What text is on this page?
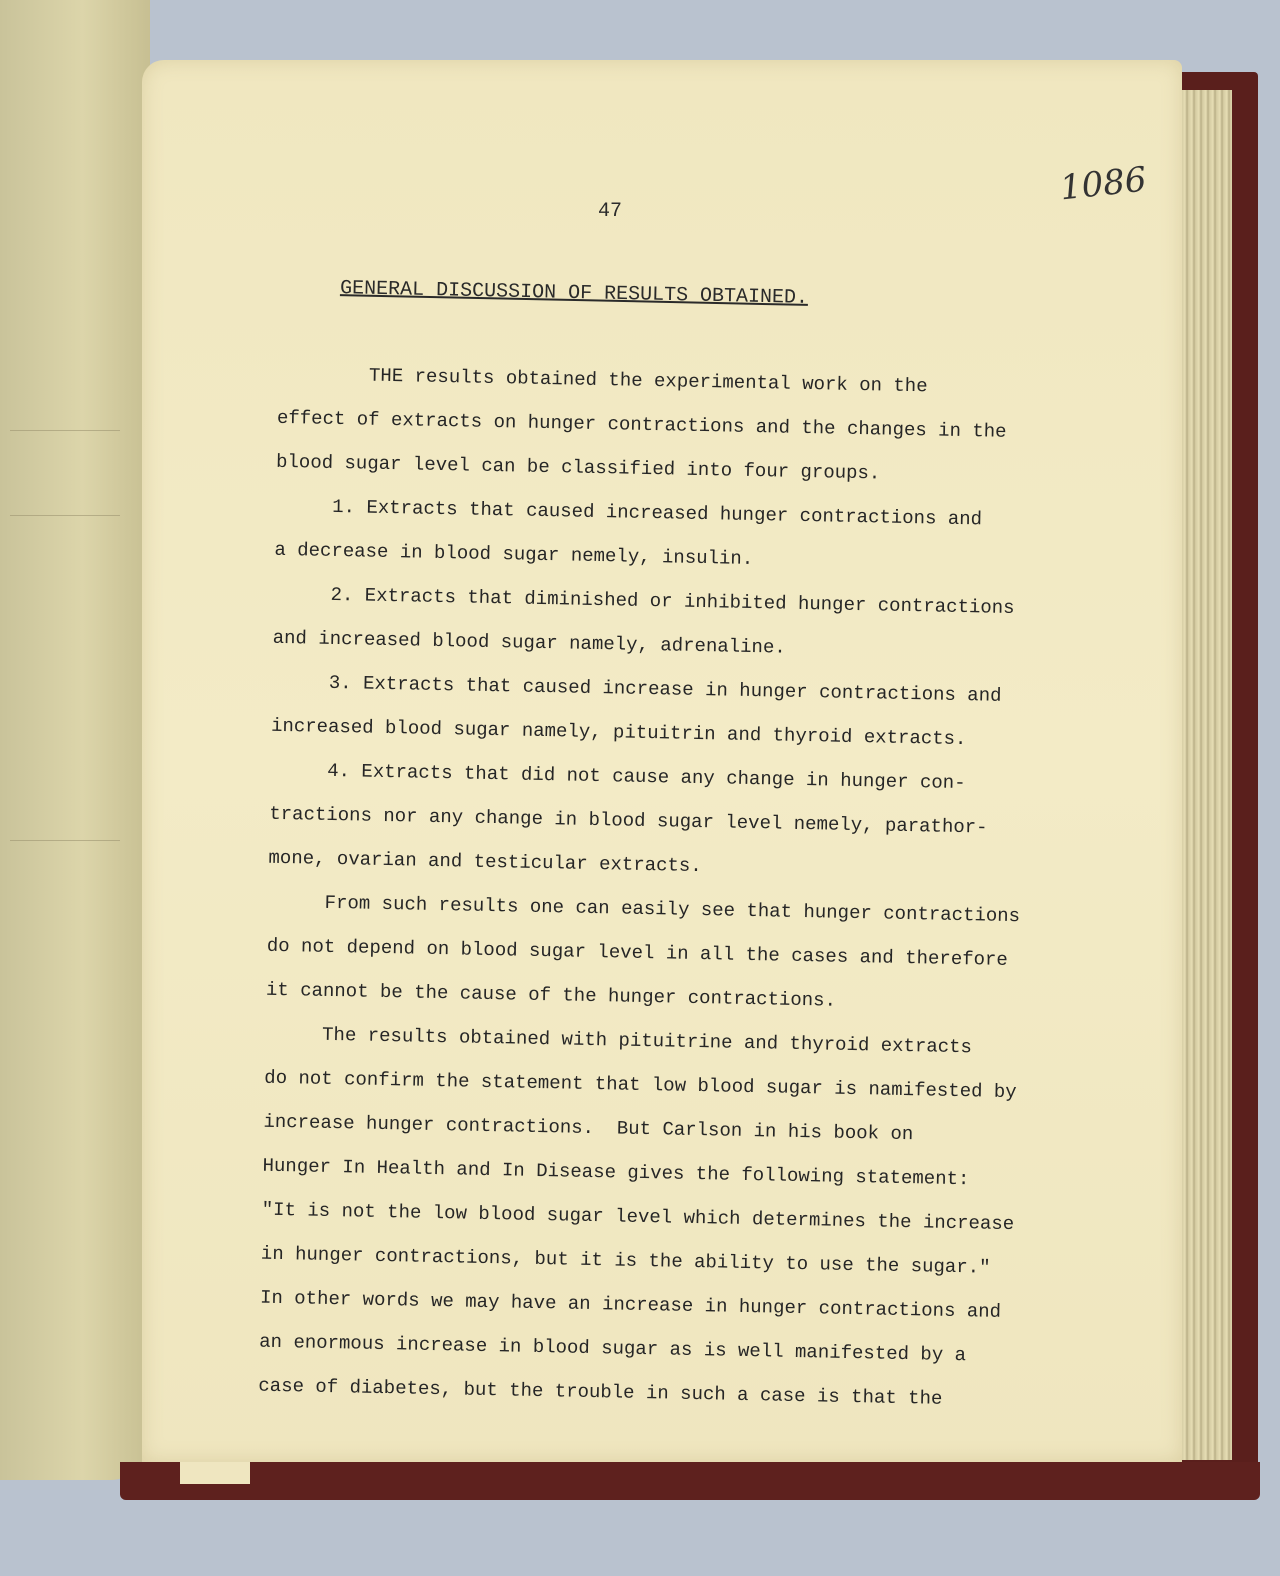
47
1086
GENERAL DISCUSSION OF RESULTS OBTAINED.
THE results obtained the experimental work on the
effect of extracts on hunger contractions and the changes in the
blood sugar level can be classified into four groups.
1. Extracts that caused increased hunger contractions and
a decrease in blood sugar nemely, insulin.
2. Extracts that diminished or inhibited hunger contractions
and increased blood sugar namely, adrenaline.
3. Extracts that caused increase in hunger contractions and
increased blood sugar namely, pituitrin and thyroid extracts.
4. Extracts that did not cause any change in hunger con-
tractions nor any change in blood sugar level nemely, parathor-
mone, ovarian and testicular extracts.
From such results one can easily see that hunger contractions
do not depend on blood sugar level in all the cases and therefore
it cannot be the cause of the hunger contractions.
The results obtained with pituitrine and thyroid extracts
do not confirm the statement that low blood sugar is namifested by
increase hunger contractions.  But Carlson in his book on
Hunger In Health and In Disease gives the following statement:
"It is not the low blood sugar level which determines the increase
in hunger contractions, but it is the ability to use the sugar."
In other words we may have an increase in hunger contractions and
an enormous increase in blood sugar as is well manifested by a
case of diabetes, but the trouble in such a case is that the
